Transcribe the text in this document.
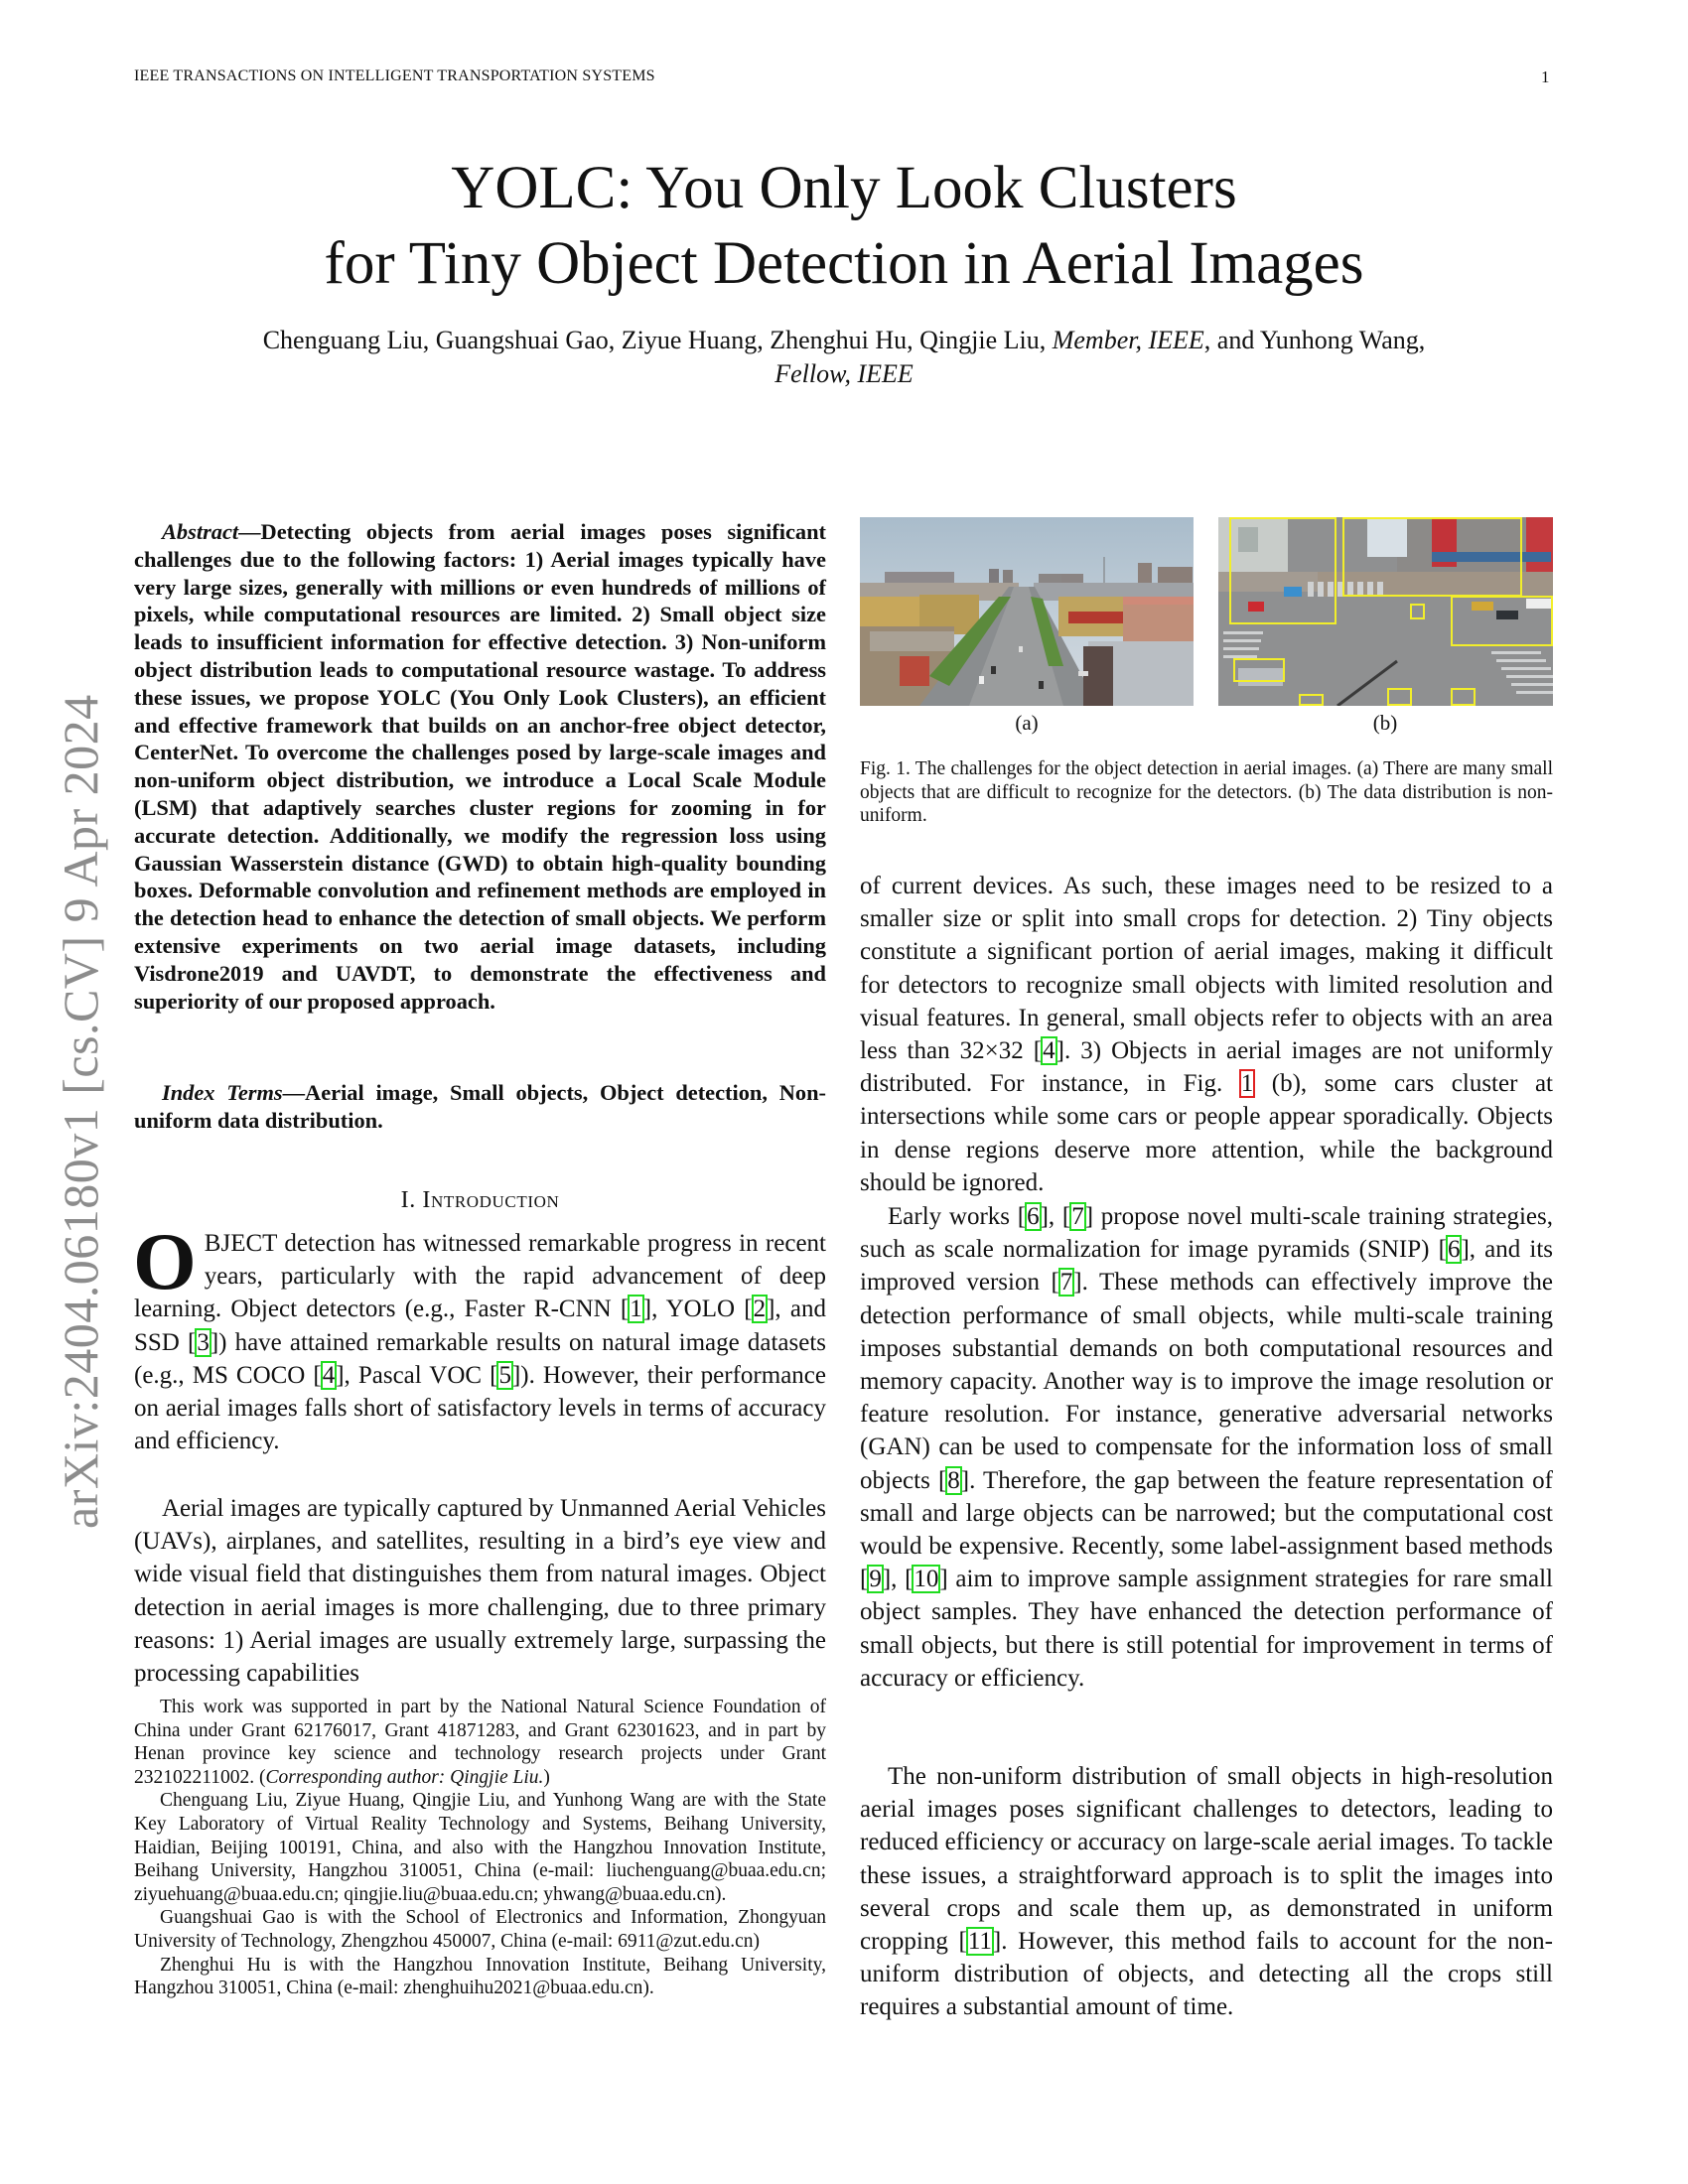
IEEE TRANSACTIONS ON INTELLIGENT TRANSPORTATION SYSTEMS	1
YOLC: You Only Look Clusters
for Tiny Object Detection in Aerial Images
Chenguang Liu, Guangshuai Gao, Ziyue Huang, Zhenghui Hu, Qingjie Liu, Member, IEEE, and Yunhong Wang,
Fellow, IEEE
arXiv:2404.06180v1 [cs.CV] 9 Apr 2024

Abstract—Detecting objects from aerial images poses significant challenges due to the following factors: 1) Aerial images typically have very large sizes, generally with millions or even hundreds of millions of pixels, while computational resources are limited. 2) Small object size leads to insufficient information for effective detection. 3) Non-uniform object distribution leads to computational resource wastage. To address these issues, we propose YOLC (You Only Look Clusters), an efficient and effective framework that builds on an anchor-free object detector, CenterNet. To overcome the challenges posed by large-scale images and non-uniform object distribution, we introduce a Local Scale Module (LSM) that adaptively searches cluster regions for zooming in for accurate detection. Additionally, we modify the regression loss using Gaussian Wasserstein distance (GWD) to obtain high-quality bounding boxes. Deformable convolution and refinement methods are employed in the detection head to enhance the detection of small objects. We perform extensive experiments on two aerial image datasets, including Visdrone2019 and UAVDT, to demonstrate the effectiveness and superiority of our proposed approach.

Index Terms—Aerial image, Small objects, Object detection, Non-uniform data distribution.

I. Introduction

OBJECT detection has witnessed remarkable progress in recent years, particularly with the rapid advancement of deep learning. Object detectors (e.g., Faster R-CNN [1], YOLO [2], and SSD [3]) have attained remarkable results on natural image datasets (e.g., MS COCO [4], Pascal VOC [5]). However, their performance on aerial images falls short of satisfactory levels in terms of accuracy and efficiency.

Aerial images are typically captured by Unmanned Aerial Vehicles (UAVs), airplanes, and satellites, resulting in a bird’s eye view and wide visual field that distinguishes them from natural images. Object detection in aerial images is more challenging, due to three primary reasons: 1) Aerial images are usually extremely large, surpassing the processing capabilities

This work was supported in part by the National Natural Science Foundation of China under Grant 62176017, Grant 41871283, and Grant 62301623, and in part by Henan province key science and technology research projects under Grant 232102211002. (Corresponding author: Qingjie Liu.)

Chenguang Liu, Ziyue Huang, Qingjie Liu, and Yunhong Wang are with the State Key Laboratory of Virtual Reality Technology and Systems, Beihang University, Haidian, Beijing 100191, China, and also with the Hangzhou Innovation Institute, Beihang University, Hangzhou 310051, China (e-mail: liuchenguang@buaa.edu.cn; ziyuehuang@buaa.edu.cn; qingjie.liu@buaa.edu.cn; yhwang@buaa.edu.cn).

Guangshuai Gao is with the School of Electronics and Information, Zhongyuan University of Technology, Zhengzhou 450007, China (e-mail: 6911@zut.edu.cn)

Zhenghui Hu is with the Hangzhou Innovation Institute, Beihang University, Hangzhou 310051, China (e-mail: zhenghuihu2021@buaa.edu.cn).

(a)	(b)
Fig. 1. The challenges for the object detection in aerial images. (a) There are many small objects that are difficult to recognize for the detectors. (b) The data distribution is non-uniform.

of current devices. As such, these images need to be resized to a smaller size or split into small crops for detection. 2) Tiny objects constitute a significant portion of aerial images, making it difficult for detectors to recognize small objects with limited resolution and visual features. In general, small objects refer to objects with an area less than 32×32 [4]. 3) Objects in aerial images are not uniformly distributed. For instance, in Fig. 1 (b), some cars cluster at intersections while some cars or people appear sporadically. Objects in dense regions deserve more attention, while the background should be ignored.

Early works [6], [7] propose novel multi-scale training strategies, such as scale normalization for image pyramids (SNIP) [6], and its improved version [7]. These methods can effectively improve the detection performance of small objects, while multi-scale training imposes substantial demands on both computational resources and memory capacity. Another way is to improve the image resolution or feature resolution. For instance, generative adversarial networks (GAN) can be used to compensate for the information loss of small objects [8]. Therefore, the gap between the feature representation of small and large objects can be narrowed; but the computational cost would be expensive. Recently, some label-assignment based methods [9], [10] aim to improve sample assignment strategies for rare small object samples. They have enhanced the detection performance of small objects, but there is still potential for improvement in terms of accuracy or efficiency.

The non-uniform distribution of small objects in high-resolution aerial images poses significant challenges to detectors, leading to reduced efficiency or accuracy on large-scale aerial images. To tackle these issues, a straightforward approach is to split the images into several crops and scale them up, as demonstrated in uniform cropping [11]. However, this method fails to account for the non-uniform distribution of objects, and detecting all the crops still requires a substantial amount of time.
